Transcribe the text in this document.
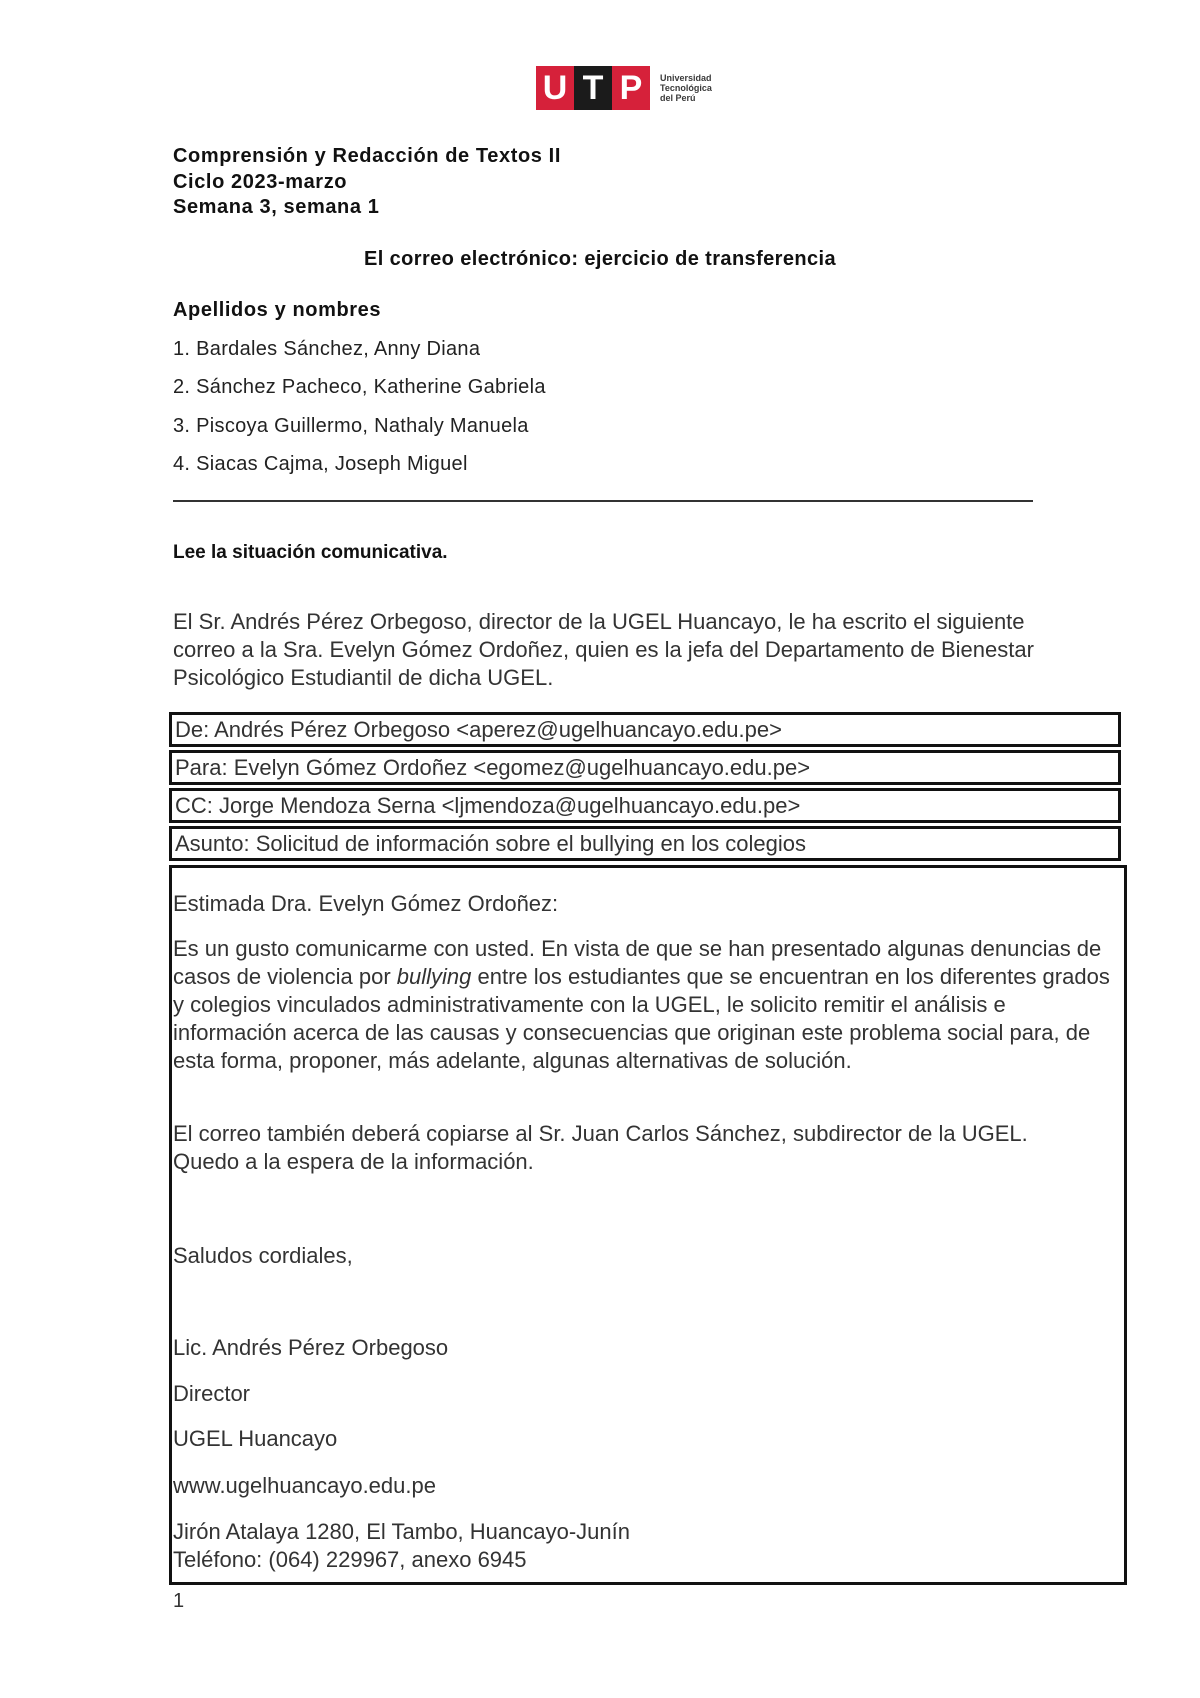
U T P	Universidad
Tecnológica
del Perú
Comprensión y Redacción de Textos II
Ciclo 2023-marzo
Semana 3, semana 1
El correo electrónico: ejercicio de transferencia
Apellidos y nombres
1. Bardales Sánchez, Anny Diana
2. Sánchez Pacheco, Katherine Gabriela
3. Piscoya Guillermo, Nathaly Manuela
4. Siacas Cajma, Joseph Miguel
Lee la situación comunicativa.
El Sr. Andrés Pérez Orbegoso, director de la UGEL Huancayo, le ha escrito el siguiente correo a la Sra. Evelyn Gómez Ordoñez, quien es la jefa del Departamento de Bienestar Psicológico Estudiantil de dicha UGEL.
De: Andrés Pérez Orbegoso <aperez@ugelhuancayo.edu.pe>
Para: Evelyn Gómez Ordoñez <egomez@ugelhuancayo.edu.pe>
CC: Jorge Mendoza Serna <ljmendoza@ugelhuancayo.edu.pe>
Asunto: Solicitud de información sobre el bullying en los colegios
Estimada Dra. Evelyn Gómez Ordoñez:
Es un gusto comunicarme con usted. En vista de que se han presentado algunas denuncias de casos de violencia por bullying entre los estudiantes que se encuentran en los diferentes grados y colegios vinculados administrativamente con la UGEL, le solicito remitir el análisis e información acerca de las causas y consecuencias que originan este problema social para, de esta forma, proponer, más adelante, algunas alternativas de solución.
El correo también deberá copiarse al Sr. Juan Carlos Sánchez, subdirector de la UGEL.
Quedo a la espera de la información.
Saludos cordiales,
Lic. Andrés Pérez Orbegoso
Director
UGEL Huancayo
www.ugelhuancayo.edu.pe
Jirón Atalaya 1280, El Tambo, Huancayo-Junín
Teléfono: (064) 229967, anexo 6945
1
